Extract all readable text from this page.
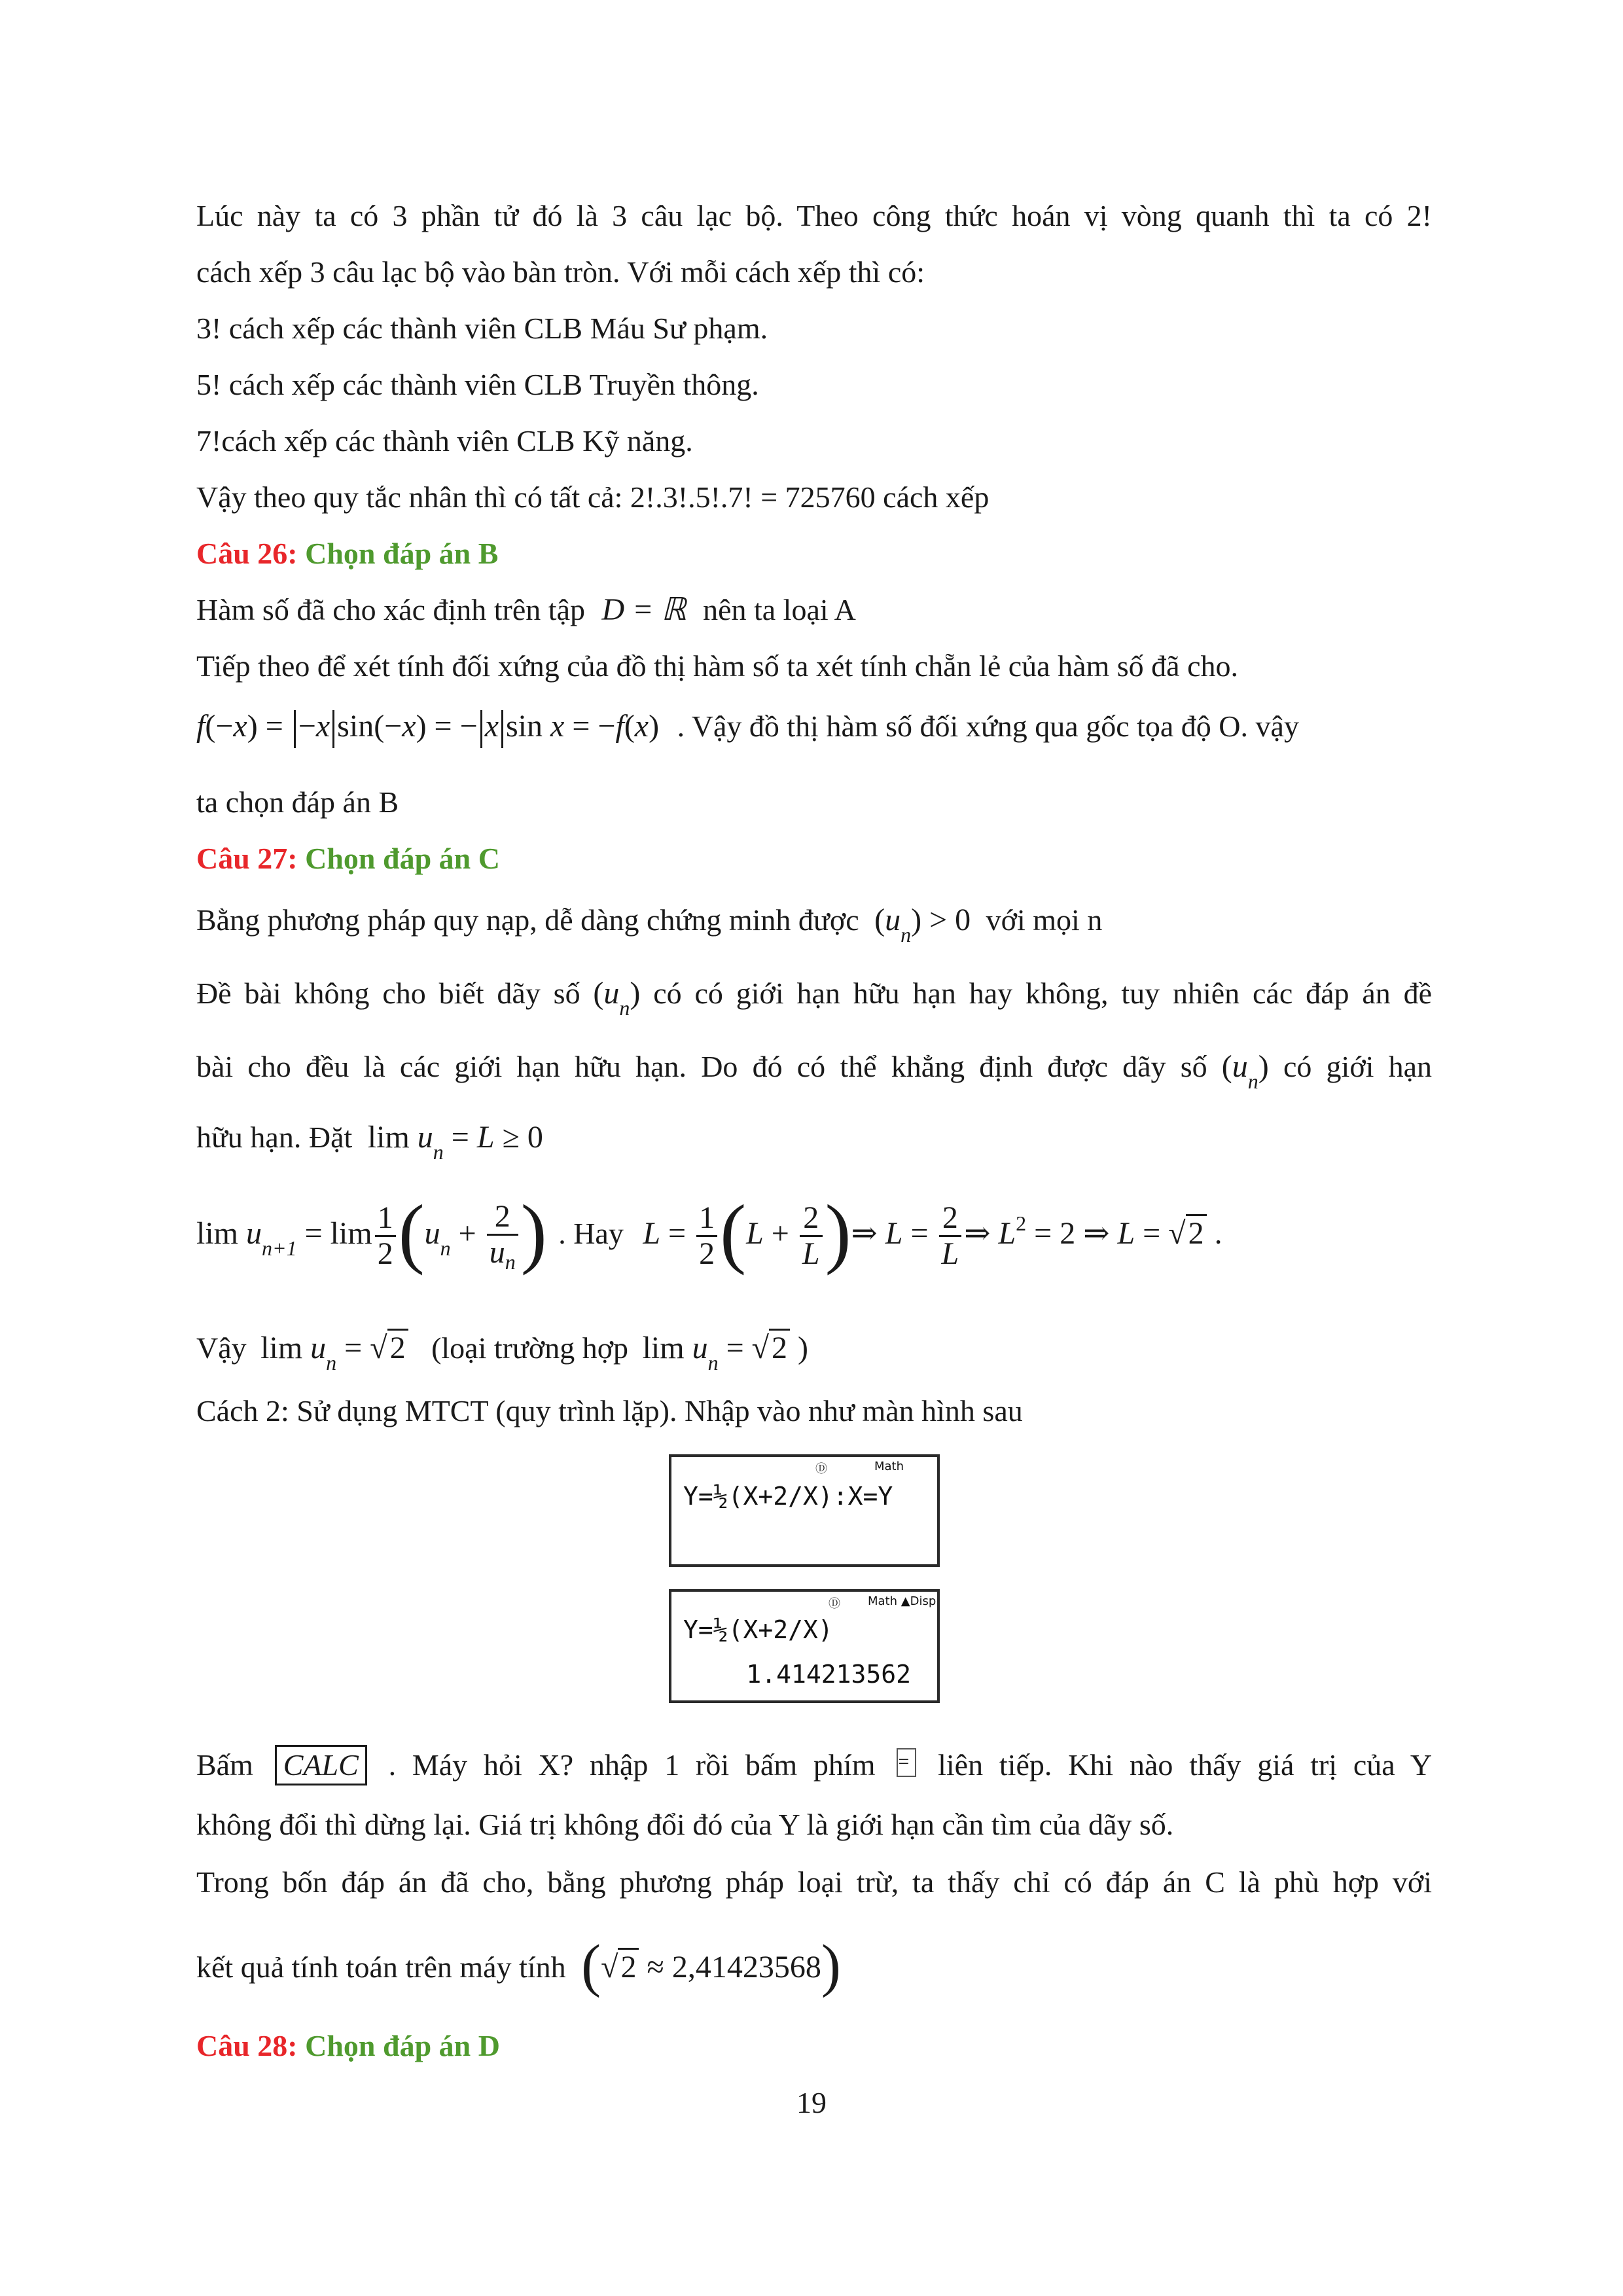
Lúc này ta có 3 phần tử đó là 3 câu lạc bộ. Theo công thức hoán vị vòng quanh thì ta có 2!
cách xếp 3 câu lạc bộ vào bàn tròn. Với mỗi cách xếp thì có:
3! cách xếp các thành viên CLB Máu Sư phạm.
5! cách xếp các thành viên CLB Truyền thông.
7!cách xếp các thành viên CLB Kỹ năng.
Vậy theo quy tắc nhân thì có tất cả: 2!.3!.5!.7! = 725760 cách xếp
Câu 26: Chọn đáp án B
Hàm số đã cho xác định trên tập D = ℝ nên ta loại A
Tiếp theo để xét tính đối xứng của đồ thị hàm số ta xét tính chẵn lẻ của hàm số đã cho.
f(−x) = −x sin(−x) = − x sin x = −f(x) . Vậy đồ thị hàm số đối xứng qua gốc tọa độ O. vậy
ta chọn đáp án B
Câu 27: Chọn đáp án C
Bằng phương pháp quy nạp, dễ dàng chứng minh được $(u_n) > 0$ với mọi n
Đề bài không cho biết dãy số $(u_n)$ có có giới hạn hữu hạn hay không, tuy nhiên các đáp án đề
bài cho đều là các giới hạn hữu hạn. Do đó có thể khẳng định được dãy số $(u_n)$ có giới hạn
hữu hạn. Đặt $\lim u_n = L \ge 0$
$\lim u_{n+1} = \lim \frac{1}{2} (u_n + \frac{2}{u_n}$ ) . Hay $L = \frac{1}{2} (L + \frac{2}{L}$ )⇒ $L = \frac{2}{L}$ ⇒ $L^2 = 2$ ⇒ L = √2 .
Vậy $\lim u_n = √2$ (loại trường hợp $\lim u_n = √2$ )
Cách 2: Sử dụng MTCT (quy trình lặp). Nhập vào như màn hình sau
Ⓓ	Math
Y=½(X+2/X):X=Y
Ⓓ Math ▲Disp
Y=½(X+2/X)
1.414213562
Bấm CALC . Máy hỏi X? nhập 1 rồi bấm phím = liên tiếp. Khi nào thấy giá trị của Y
không đổi thì dừng lại. Giá trị không đổi đó của Y là giới hạn cần tìm của dãy số.
Trong bốn đáp án đã cho, bằng phương pháp loại trừ, ta thấy chỉ có đáp án C là phù hợp với
kết quả tính toán trên máy tính (√2 ≈ 2,41423568)
Câu 28: Chọn đáp án D
19
